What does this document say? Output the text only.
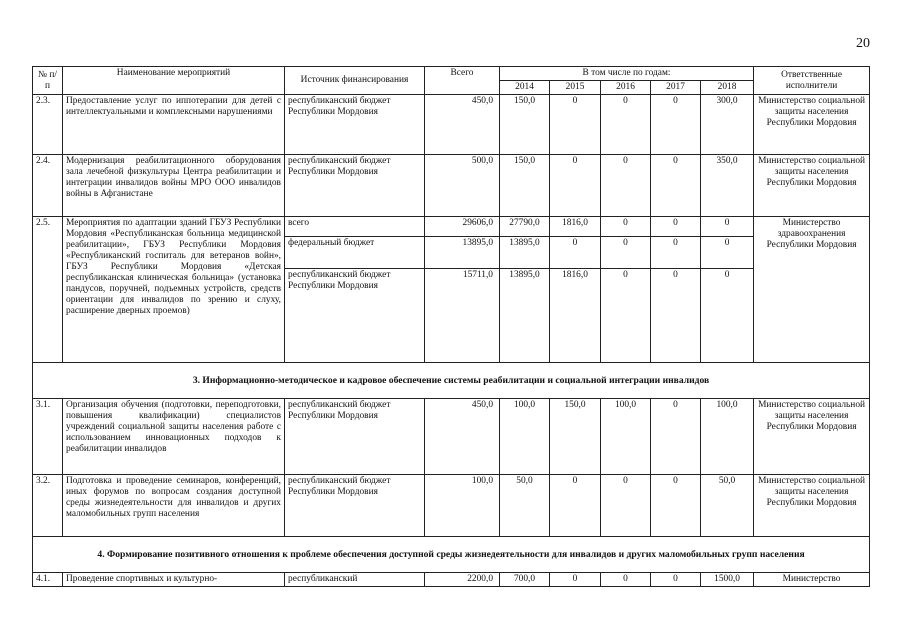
20
№ п/п	Наименование мероприятий	Источник финансирования	Всего	В том числе по годам:					Ответственные исполнители
				2014	2015	2016	2017	2018	
2.3.	Предоставление услуг по иппотерапии для детей с интеллектуальными и комплексными нарушениями	республиканский бюджет Республики Мордовия	450,0	150,0	0	0	0	300,0	Министерство социальной защиты населения Республики Мордовия
2.4.	Модернизация реабилитационного оборудования зала лечебной физкультуры Центра реабилитации и интеграции инвалидов войны МРО ООО инвалидов войны в Афганистане	республиканский бюджет Республики Мордовия	500,0	150,0	0	0	0	350,0	Министерство социальной защиты населения Республики Мордовия
2.5.	Мероприятия по адаптации зданий ГБУЗ Республики Мордовия «Республиканская больница медицинской реабилитации», ГБУЗ Республики Мордовия «Республиканский госпиталь для ветеранов войн», ГБУЗ Республики Мордовия «Детская республиканская клиническая больница» (установка пандусов, поручней, подъемных устройств, средств ориентации для инвалидов по зрению и слуху, расширение дверных проемов)	всего	29606,0	27790,0	1816,0	0	0	0	Министерство здравоохранения Республики Мордовия
		федеральный бюджет	13895,0	13895,0	0	0	0	0	
		республиканский бюджет Республики Мордовия	15711,0	13895,0	1816,0	0	0	0	
3. Информационно-методическое и кадровое обеспечение системы реабилитации и социальной интеграции инвалидов									
3.1.	Организация обучения (подготовки, переподготовки, повышения квалификации) специалистов учреждений социальной защиты населения работе с использованием инновационных подходов к реабилитации инвалидов	республиканский бюджет Республики Мордовия	450,0	100,0	150,0	100,0	0	100,0	Министерство социальной защиты населения Республики Мордовия
3.2.	Подготовка и проведение семинаров, конференций, иных форумов по вопросам создания доступной среды жизнедеятельности для инвалидов и других маломобильных групп населения	республиканский бюджет Республики Мордовия	100,0	50,0	0	0	0	50,0	Министерство социальной защиты населения Республики Мордовия
4. Формирование позитивного отношения к проблеме обеспечения доступной среды жизнедеятельности для инвалидов и других маломобильных групп населения									
4.1.	Проведение спортивных и культурно-	республиканский	2200,0	700,0	0	0	0	1500,0	Министерство
